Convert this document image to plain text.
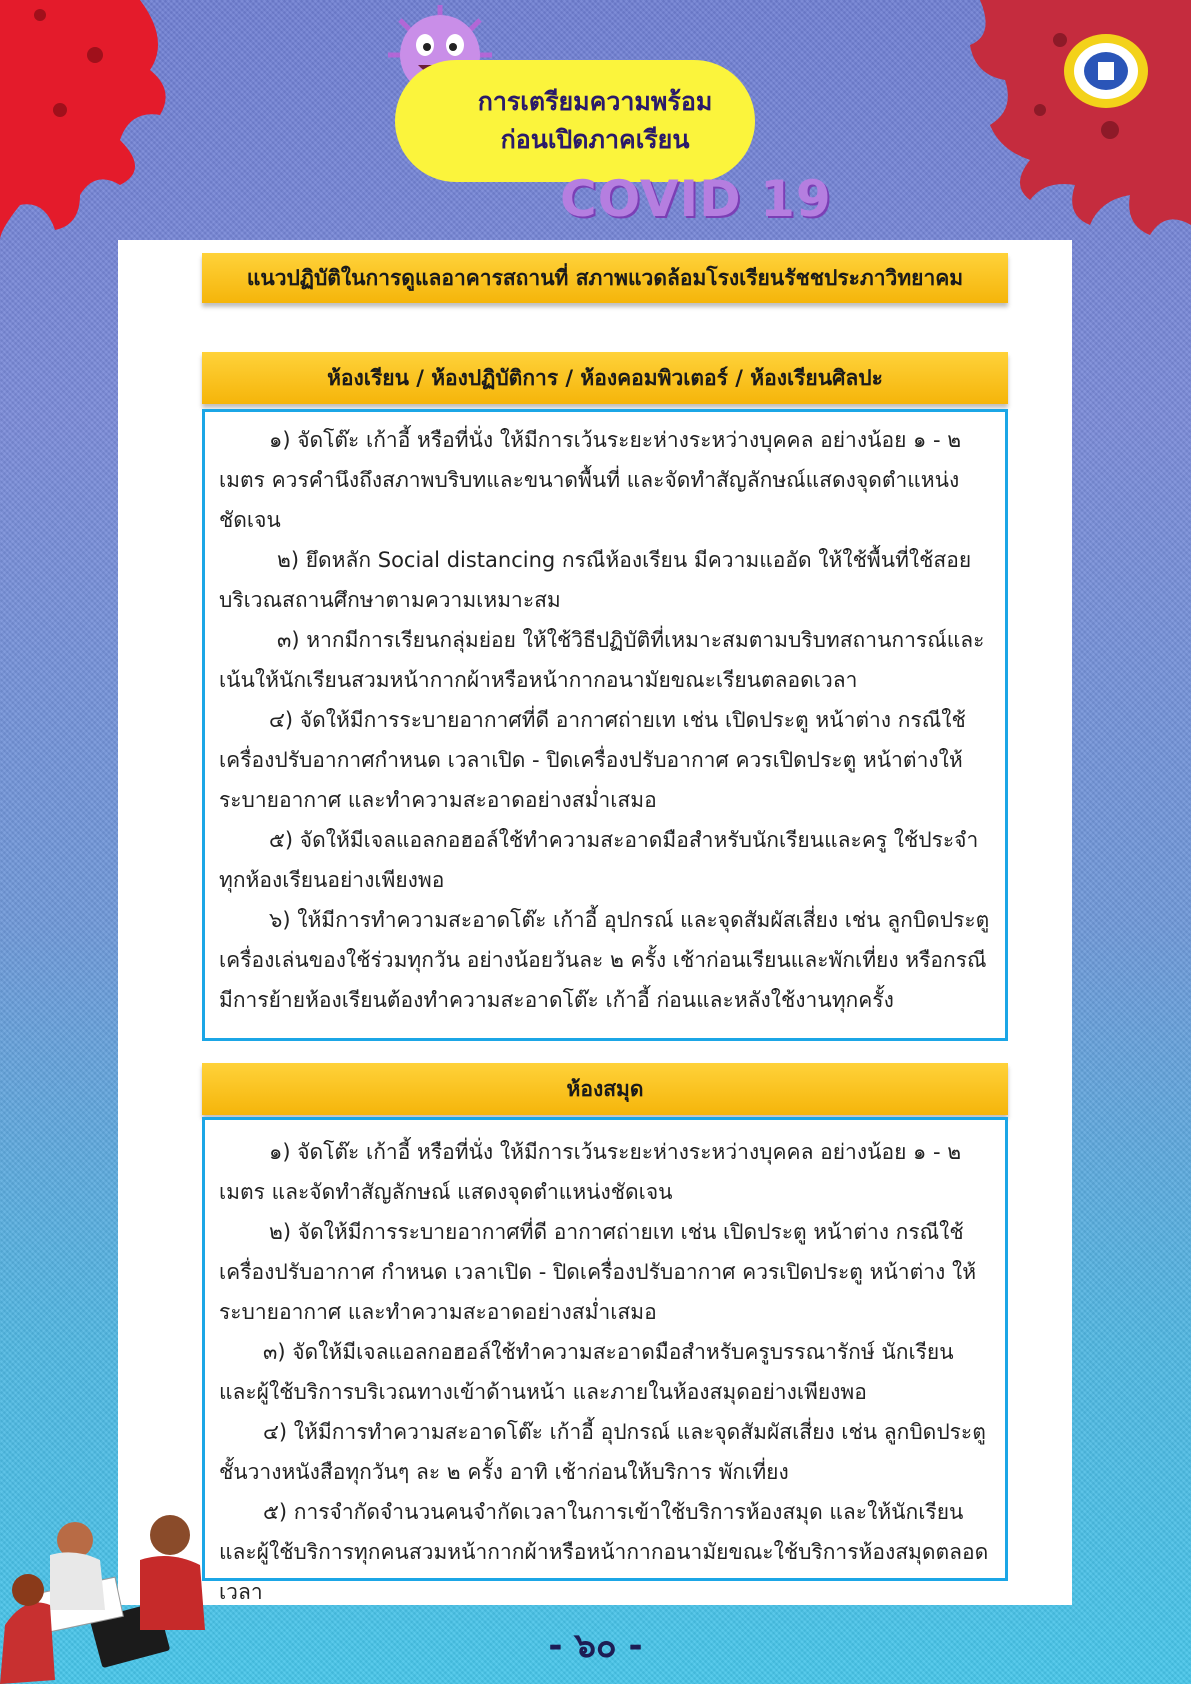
การเตรียมความพร้อม
ก่อนเปิดภาคเรียน
COVID 19
แนวปฏิบัติในการดูแลอาคารสถานที่ สภาพแวดล้อมโรงเรียนรัชชประภาวิทยาคม
ห้องเรียน / ห้องปฏิบัติการ / ห้องคอมพิวเตอร์ / ห้องเรียนศิลปะ

๑) จัดโต๊ะ เก้าอี้ หรือที่นั่ง ให้มีการเว้นระยะห่างระหว่างบุคคล อย่างน้อย ๑ - ๒ เมตร ควรคำนึงถึงสภาพบริบทและขนาดพื้นที่ และจัดทำสัญลักษณ์แสดงจุดตำแหน่งชัดเจน

๒) ยึดหลัก Social distancing กรณีห้องเรียน มีความแออัด ให้ใช้พื้นที่ใช้สอยบริเวณสถานศึกษาตามความเหมาะสม

๓) หากมีการเรียนกลุ่มย่อย ให้ใช้วิธีปฏิบัติที่เหมาะสมตามบริบทสถานการณ์และเน้นให้นักเรียนสวมหน้ากากผ้าหรือหน้ากากอนามัยขณะเรียนตลอดเวลา

๔) จัดให้มีการระบายอากาศที่ดี อากาศถ่ายเท เช่น เปิดประตู หน้าต่าง กรณีใช้เครื่องปรับอากาศกำหนด เวลาเปิด - ปิดเครื่องปรับอากาศ ควรเปิดประตู หน้าต่างให้ระบายอากาศ และทำความสะอาดอย่างสม่ำเสมอ

๕) จัดให้มีเจลแอลกอฮอล์ใช้ทำความสะอาดมือสำหรับนักเรียนและครู ใช้ประจำทุกห้องเรียนอย่างเพียงพอ

๖) ให้มีการทำความสะอาดโต๊ะ เก้าอี้ อุปกรณ์ และจุดสัมผัสเสี่ยง เช่น ลูกบิดประตู เครื่องเล่นของใช้ร่วมทุกวัน อย่างน้อยวันละ ๒ ครั้ง เช้าก่อนเรียนและพักเที่ยง หรือกรณีมีการย้ายห้องเรียนต้องทำความสะอาดโต๊ะ เก้าอี้ ก่อนและหลังใช้งานทุกครั้ง

ห้องสมุด

๑) จัดโต๊ะ เก้าอี้ หรือที่นั่ง ให้มีการเว้นระยะห่างระหว่างบุคคล อย่างน้อย ๑ - ๒ เมตร และจัดทำสัญลักษณ์ แสดงจุดตำแหน่งชัดเจน

๒) จัดให้มีการระบายอากาศที่ดี อากาศถ่ายเท เช่น เปิดประตู หน้าต่าง กรณีใช้เครื่องปรับอากาศ กำหนด เวลาเปิด - ปิดเครื่องปรับอากาศ ควรเปิดประตู หน้าต่าง ให้ระบายอากาศ และทำความสะอาดอย่างสม่ำเสมอ

๓) จัดให้มีเจลแอลกอฮอล์ใช้ทำความสะอาดมือสำหรับครูบรรณารักษ์ นักเรียน และผู้ใช้บริการบริเวณทางเข้าด้านหน้า และภายในห้องสมุดอย่างเพียงพอ

๔) ให้มีการทำความสะอาดโต๊ะ เก้าอี้ อุปกรณ์ และจุดสัมผัสเสี่ยง เช่น ลูกบิดประตู ชั้นวางหนังสือทุกวันๆ ละ ๒ ครั้ง อาทิ เช้าก่อนให้บริการ พักเที่ยง

๕) การจำกัดจำนวนคนจำกัดเวลาในการเข้าใช้บริการห้องสมุด และให้นักเรียนและผู้ใช้บริการทุกคนสวมหน้ากากผ้าหรือหน้ากากอนามัยขณะใช้บริการห้องสมุดตลอดเวลา

- ๖๐ -
